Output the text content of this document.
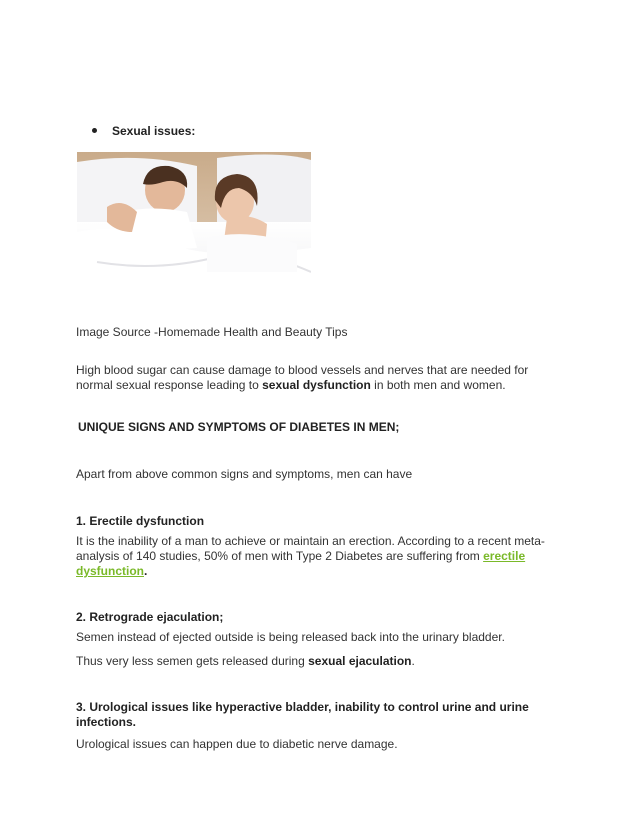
Sexual issues:
Image Source -Homemade Health and Beauty Tips
High blood sugar can cause damage to blood vessels and nerves that are needed for normal sexual response leading to sexual dysfunction in both men and women.
UNIQUE SIGNS AND SYMPTOMS OF DIABETES IN MEN;
Apart from above common signs and symptoms, men can have
1. Erectile dysfunction
It is the inability of a man to achieve or maintain an erection. According to a recent meta-analysis of 140 studies, 50% of men with Type 2 Diabetes are suffering from erectile dysfunction.
2. Retrograde ejaculation;
Semen instead of ejected outside is being released back into the urinary bladder.
Thus very less semen gets released during sexual ejaculation.
3. Urological issues like hyperactive bladder, inability to control urine and urine infections.
Urological issues can happen due to diabetic nerve damage.
